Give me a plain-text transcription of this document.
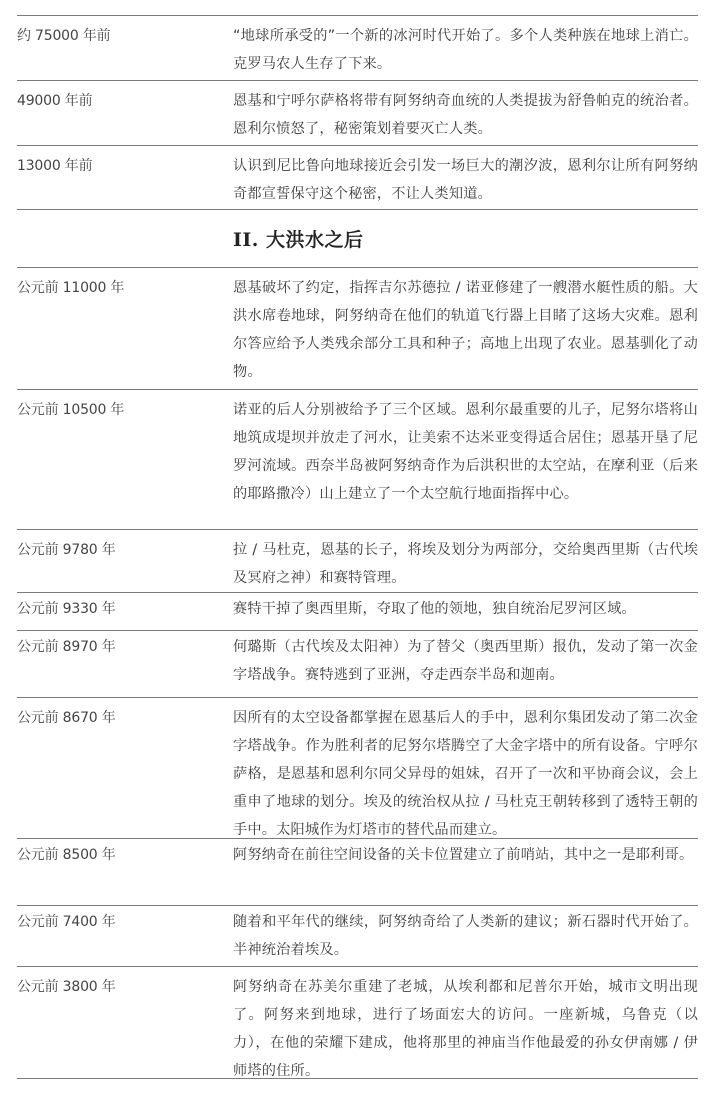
约 75000 年前	“地球所承受的”一个新的冰河时代开始了。多个人类种族在地球上消亡。克罗马农人生存了下来。
49000 年前	恩基和宁呼尔萨格将带有阿努纳奇血统的人类提拔为舒鲁帕克的统治者。恩利尔愤怒了，秘密策划着要灭亡人类。
13000 年前	认识到尼比鲁向地球接近会引发一场巨大的潮汐波，恩利尔让所有阿努纳奇都宣誓保守这个秘密，不让人类知道。
II. 大洪水之后
公元前 11000 年	恩基破坏了约定，指挥吉尔苏德拉 / 诺亚修建了一艘潜水艇性质的船。大洪水席卷地球，阿努纳奇在他们的轨道飞行器上目睹了这场大灾难。恩利尔答应给予人类残余部分工具和种子；高地上出现了农业。恩基驯化了动物。
公元前 10500 年	诺亚的后人分别被给予了三个区域。恩利尔最重要的儿子，尼努尔塔将山地筑成堤坝并放走了河水，让美索不达米亚变得适合居住；恩基开垦了尼罗河流域。西奈半岛被阿努纳奇作为后洪积世的太空站，在摩利亚（后来的耶路撒冷）山上建立了一个太空航行地面指挥中心。
公元前 9780 年	拉 / 马杜克，恩基的长子，将埃及划分为两部分，交给奥西里斯（古代埃及冥府之神）和赛特管理。
公元前 9330 年	赛特干掉了奥西里斯，夺取了他的领地，独自统治尼罗河区域。
公元前 8970 年	何璐斯（古代埃及太阳神）为了替父（奥西里斯）报仇，发动了第一次金字塔战争。赛特逃到了亚洲，夺走西奈半岛和迦南。
公元前 8670 年	因所有的太空设备都掌握在恩基后人的手中，恩利尔集团发动了第二次金字塔战争。作为胜利者的尼努尔塔腾空了大金字塔中的所有设备。宁呼尔萨格，是恩基和恩利尔同父异母的姐妹，召开了一次和平协商会议，会上重申了地球的划分。埃及的统治权从拉 / 马杜克王朝转移到了透特王朝的手中。太阳城作为灯塔市的替代品而建立。
公元前 8500 年	阿努纳奇在前往空间设备的关卡位置建立了前哨站，其中之一是耶利哥。
公元前 7400 年	随着和平年代的继续，阿努纳奇给了人类新的建议；新石器时代开始了。半神统治着埃及。
公元前 3800 年	阿努纳奇在苏美尔重建了老城，从埃利都和尼普尔开始，城市文明出现了。阿努来到地球，进行了场面宏大的访问。一座新城，乌鲁克（以力），在他的荣耀下建成，他将那里的神庙当作他最爱的孙女伊南娜 / 伊师塔的住所。
